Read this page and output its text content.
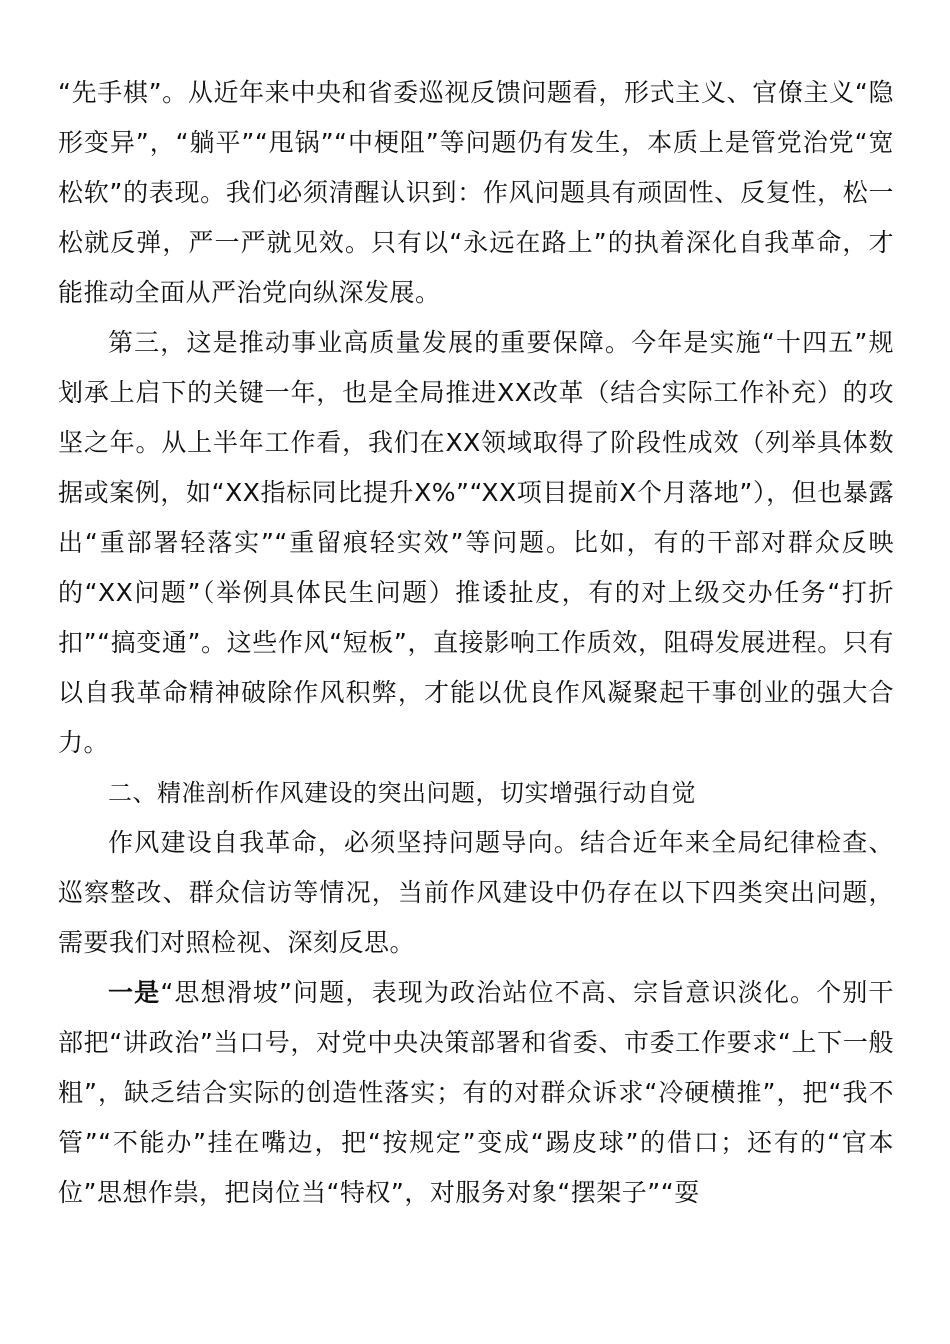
“先手棋”。从近年来中央和省委巡视反馈问题看，形式主义、官僚主义“隐形变异”，“躺平”“甩锅”“中梗阻”等问题仍有发生，本质上是管党治党“宽松软”的表现。我们必须清醒认识到：作风问题具有顽固性、反复性，松一松就反弹，严一严就见效。只有以“永远在路上”的执着深化自我革命，才能推动全面从严治党向纵深发展。

第三，这是推动事业高质量发展的重要保障。今年是实施“十四五”规划承上启下的关键一年，也是全局推进XX改革（结合实际工作补充）的攻坚之年。从上半年工作看，我们在XX领域取得了阶段性成效（列举具体数据或案例，如“XX指标同比提升X%”“XX项目提前X个月落地”），但也暴露出“重部署轻落实”“重留痕轻实效”等问题。比如，有的干部对群众反映的“XX问题”（举例具体民生问题）推诿扯皮，有的对上级交办任务“打折扣”“搞变通”。这些作风“短板”，直接影响工作质效，阻碍发展进程。只有以自我革命精神破除作风积弊，才能以优良作风凝聚起干事创业的强大合力。

二、精准剖析作风建设的突出问题，切实增强行动自觉

作风建设自我革命，必须坚持问题导向。结合近年来全局纪律检查、巡察整改、群众信访等情况，当前作风建设中仍存在以下四类突出问题，需要我们对照检视、深刻反思。

一是“思想滑坡”问题，表现为政治站位不高、宗旨意识淡化。个别干部把“讲政治”当口号，对党中央决策部署和省委、市委工作要求“上下一般粗”，缺乏结合实际的创造性落实；有的对群众诉求“冷硬横推”，把“我不管”“不能办”挂在嘴边，把“按规定”变成“踢皮球”的借口；还有的“官本位”思想作祟，把岗位当“特权”，对服务对象“摆架子”“耍
